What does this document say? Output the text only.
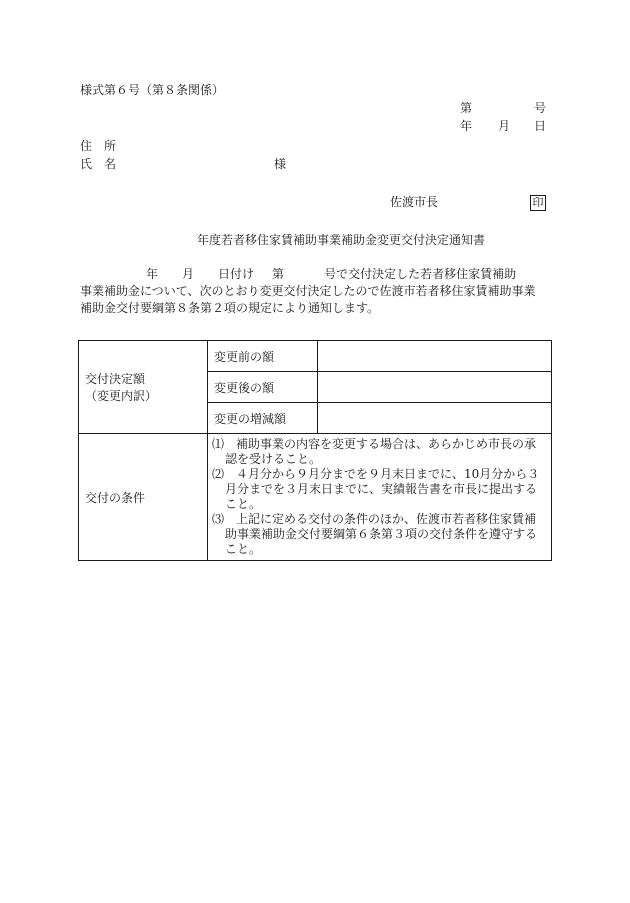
様式第６号（第８条関係）
第	号
年 月 日
住　所
氏　名	様
佐渡市長	印
年度若者移住家賃補助事業補助金変更交付決定通知書
年 月 日付け 第	号で交付決定した若者移住家賃補助
事業補助金について、次のとおり変更交付決定したので佐渡市若者移住家賃補助事業
補助金交付要綱第８条第２項の規定により通知します。
交付決定額
（変更内訳）	変更前の額	
	変更後の額	
	変更の増減額	
交付の条件	⑴　補助事業の内容を変更する場合は、あらかじめ市長の承認を受けること。

⑵　４月分から９月分までを９月末日までに、10月分から３月分までを３月末日までに、実績報告書を市長に提出すること。

⑶　上記に定める交付の条件のほか、佐渡市若者移住家賃補助事業補助金交付要綱第６条第３項の交付条件を遵守すること。	
